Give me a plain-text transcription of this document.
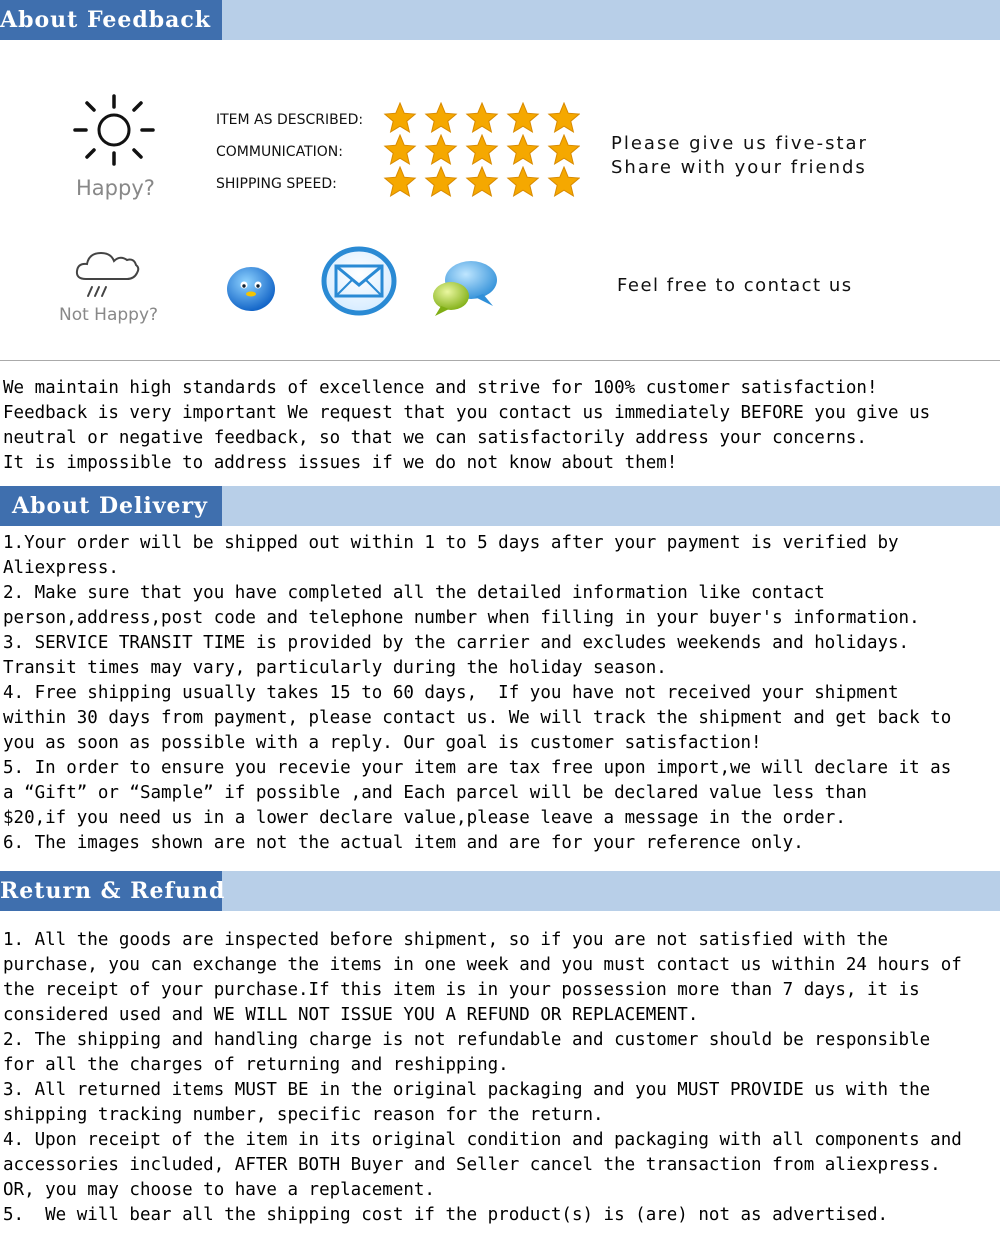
About Feedback
Happy?
ITEM AS DESCRIBED:
COMMUNICATION:
SHIPPING SPEED:
Please give us five-star
Share with your friends
Not Happy?
Feel free to contact us
We maintain high standards of excellence and strive for 100% customer satisfaction!
Feedback is very important We request that you contact us immediately BEFORE you give us
neutral or negative feedback, so that we can satisfactorily address your concerns.
It is impossible to address issues if we do not know about them!
About Delivery
1.Your order will be shipped out within 1 to 5 days after your payment is verified by
Aliexpress.
2. Make sure that you have completed all the detailed information like contact
person,address,post code and telephone number when filling in your buyer's information.
3. SERVICE TRANSIT TIME is provided by the carrier and excludes weekends and holidays.
Transit times may vary, particularly during the holiday season.
4. Free shipping usually takes 15 to 60 days,  If you have not received your shipment
within 30 days from payment, please contact us. We will track the shipment and get back to
you as soon as possible with a reply. Our goal is customer satisfaction!
5. In order to ensure you recevie your item are tax free upon import,we will declare it as
a “Gift” or “Sample” if possible ,and Each parcel will be declared value less than
$20,if you need us in a lower declare value,please leave a message in the order.
6. The images shown are not the actual item and are for your reference only.
Return & Refund
1. All the goods are inspected before shipment, so if you are not satisfied with the
purchase, you can exchange the items in one week and you must contact us within 24 hours of
the receipt of your purchase.If this item is in your possession more than 7 days, it is
considered used and WE WILL NOT ISSUE YOU A REFUND OR REPLACEMENT.
2. The shipping and handling charge is not refundable and customer should be responsible
for all the charges of returning and reshipping.
3. All returned items MUST BE in the original packaging and you MUST PROVIDE us with the
shipping tracking number, specific reason for the return.
4. Upon receipt of the item in its original condition and packaging with all components and
accessories included, AFTER BOTH Buyer and Seller cancel the transaction from aliexpress.
OR, you may choose to have a replacement.
5.  We will bear all the shipping cost if the product(s) is (are) not as advertised.
